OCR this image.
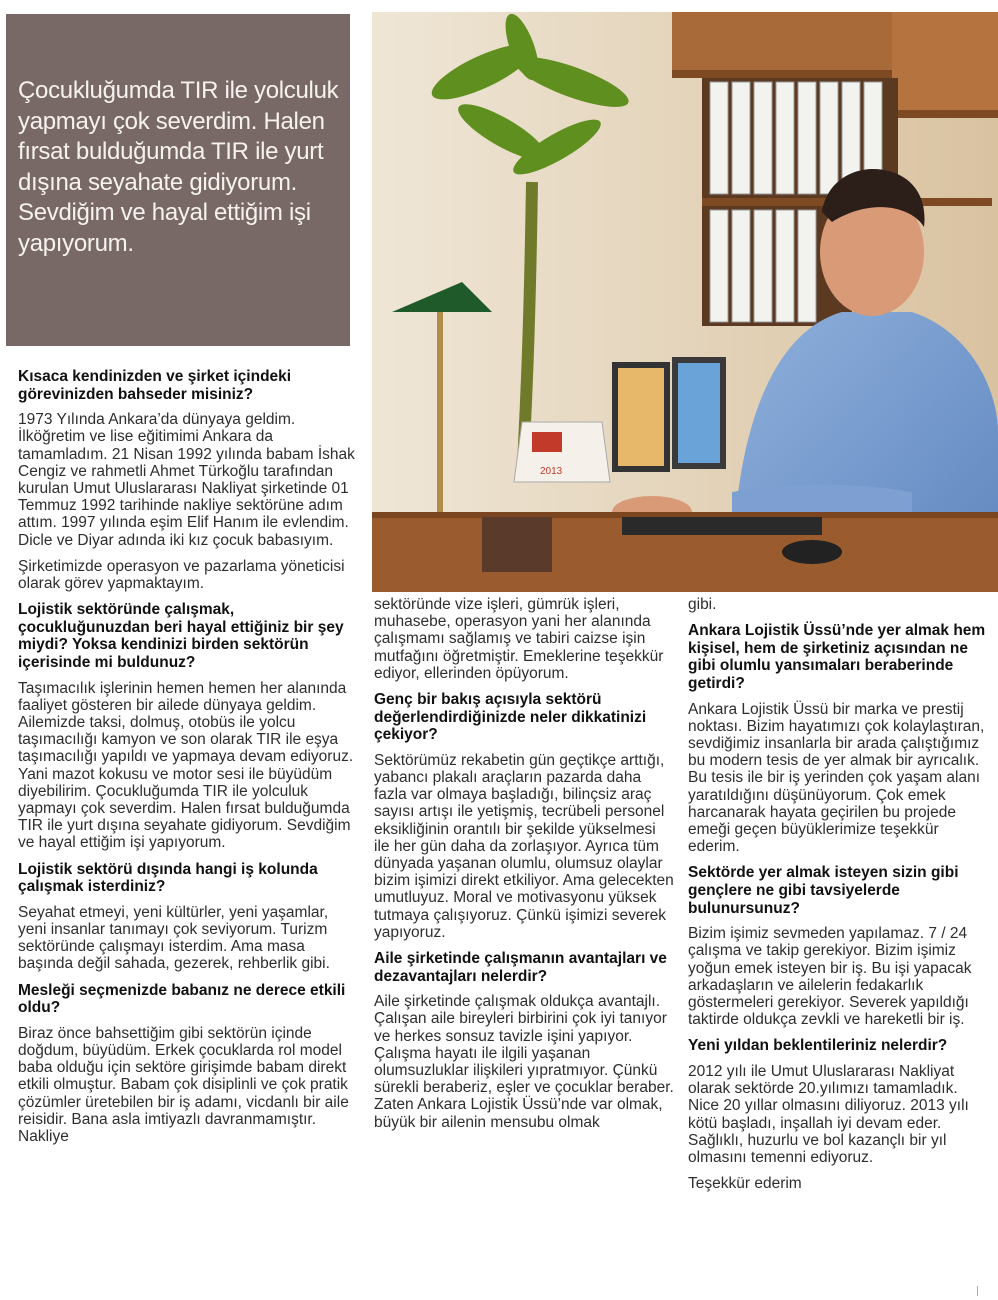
Çocukluğumda TIR ile yolculuk yapmayı çok severdim. Halen fırsat bulduğumda TIR ile yurt dışına seyahate gidiyorum. Sevdiğim ve hayal ettiğim işi yapıyorum.

2013
Kısaca kendinizden ve şirket içindeki görevinizden bahseder misiniz?

1973 Yılında Ankara’da dünyaya geldim. İlköğretim ve lise eğitimimi Ankara da tamamladım. 21 Nisan 1992 yılında babam İshak Cengiz ve rahmetli Ahmet Türkoğlu tarafından kurulan Umut Uluslararası Nakliyat şirketinde 01 Temmuz 1992 tarihinde nakliye sektörüne adım attım. 1997 yılında eşim Elif Hanım ile evlendim. Dicle ve Diyar adında iki kız çocuk babasıyım.

Şirketimizde operasyon ve pazarlama yöneticisi olarak görev yapmaktayım.

Lojistik sektöründe çalışmak, çocukluğunuzdan beri hayal ettiğiniz bir şey miydi? Yoksa kendinizi birden sektörün içerisinde mi buldunuz?

Taşımacılık işlerinin hemen hemen her alanında faaliyet gösteren bir ailede dünyaya geldim. Ailemizde taksi, dolmuş, otobüs ile yolcu taşımacılığı kamyon ve son olarak TIR ile eşya taşımacılığı yapıldı ve yapmaya devam ediyoruz. Yani mazot kokusu ve motor sesi ile büyüdüm diyebilirim. Çocukluğumda TIR ile yolculuk yapmayı çok severdim. Halen fırsat bulduğumda TIR ile yurt dışına seyahate gidiyorum. Sevdiğim ve hayal ettiğim işi yapıyorum.

Lojistik sektörü dışında hangi iş kolunda çalışmak isterdiniz?

Seyahat etmeyi, yeni kültürler, yeni yaşamlar, yeni insanlar tanımayı çok seviyorum. Turizm sektöründe çalışmayı isterdim. Ama masa başında değil sahada, gezerek, rehberlik gibi.

Mesleği seçmenizde babanız ne derece etkili oldu?

Biraz önce bahsettiğim gibi sektörün içinde doğdum, büyüdüm. Erkek çocuklarda rol model baba olduğu için sektöre girişimde babam direkt etkili olmuştur. Babam çok disiplinli ve çok pratik çözümler üretebilen bir iş adamı, vicdanlı bir aile reisidir. Bana asla imtiyazlı davranmamıştır. Nakliye

sektöründe vize işleri, gümrük işleri, muhasebe, operasyon yani her alanında çalışmamı sağlamış ve tabiri caizse işin mutfağını öğretmiştir. Emeklerine teşekkür ediyor, ellerinden öpüyorum.

Genç bir bakış açısıyla sektörü değerlendirdiğinizde neler dikkatinizi çekiyor?

Sektörümüz rekabetin gün geçtikçe arttığı, yabancı plakalı araçların pazarda daha fazla var olmaya başladığı, bilinçsiz araç sayısı artışı ile yetişmiş, tecrübeli personel eksikliğinin orantılı bir şekilde yükselmesi ile her gün daha da zorlaşıyor. Ayrıca tüm dünyada yaşanan olumlu, olumsuz olaylar bizim işimizi direkt etkiliyor. Ama gelecekten umutluyuz. Moral ve motivasyonu yüksek tutmaya çalışıyoruz. Çünkü işimizi severek yapıyoruz.

Aile şirketinde çalışmanın avantajları ve dezavantajları nelerdir?

Aile şirketinde çalışmak oldukça avantajlı. Çalışan aile bireyleri birbirini çok iyi tanıyor ve herkes sonsuz tavizle işini yapıyor. Çalışma hayatı ile ilgili yaşanan olumsuzluklar ilişkileri yıpratmıyor. Çünkü sürekli beraberiz, eşler ve çocuklar beraber. Zaten Ankara Lojistik Üssü’nde var olmak, büyük bir ailenin mensubu olmak

gibi.

Ankara Lojistik Üssü’nde yer almak hem kişisel, hem de şirketiniz açısından ne gibi olumlu yansımaları beraberinde getirdi?

Ankara Lojistik Üssü bir marka ve prestij noktası. Bizim hayatımızı çok kolaylaştıran, sevdiğimiz insanlarla bir arada çalıştığımız bu modern tesis de yer almak bir ayrıcalık. Bu tesis ile bir iş yerinden çok yaşam alanı yaratıldığını düşünüyorum. Çok emek harcanarak hayata geçirilen bu projede emeği geçen büyüklerimize teşekkür ederim.

Sektörde yer almak isteyen sizin gibi gençlere ne gibi tavsiyelerde bulunursunuz?

Bizim işimiz sevmeden yapılamaz. 7 / 24 çalışma ve takip gerekiyor. Bizim işimiz yoğun emek isteyen bir iş. Bu işi yapacak arkadaşların ve ailelerin fedakarlık göstermeleri gerekiyor. Severek yapıldığı taktirde oldukça zevkli ve hareketli bir iş.

Yeni yıldan beklentileriniz nelerdir?

2012 yılı ile Umut Uluslararası Nakliyat olarak sektörde 20.yılımızı tamamladık. Nice 20 yıllar olmasını diliyoruz. 2013 yılı kötü başladı, inşallah iyi devam eder. Sağlıklı, huzurlu ve bol kazançlı bir yıl olmasını temenni ediyoruz.

Teşekkür ederim
